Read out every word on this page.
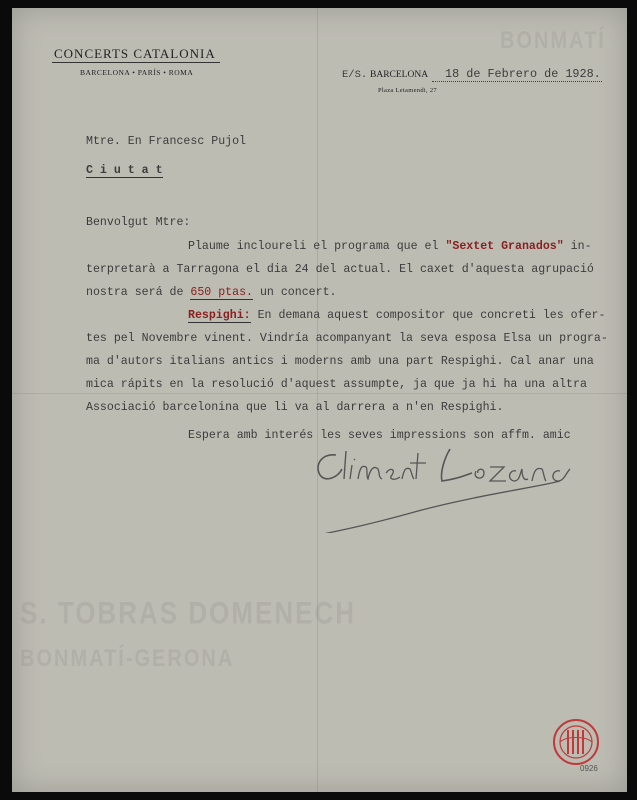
S. TOBRAS DOMENECH
BONMATÍ-GERONA
BONMATÍ
CONCERTS CATALONIA
BARCELONA • PARÍS • ROMA	E/S. BARCELONA 18 de Febrero de 1928.
Plaza Letamendi, 27
Mtre. En Francesc Pujol
C i u t a t
Benvolgut Mtre:
Plaume incloureli el programa que el "Sextet Granados" in-
terpretarà a Tarragona el dia 24 del actual. El caxet d'aquesta agrupació
nostra será de 650 ptas. un concert.
Respighi: En demana aquest compositor que concreti les ofer-
tes pel Novembre vinent. Vindría acompanyant la seva esposa Elsa un progra-
ma d'autors italians antics i moderns amb una part Respighi. Cal anar una
mica rápits en la resolució d'aquest assumpte, ja que ja hi ha una altra
Associació barcelonina que li va al darrera a n'en Respighi.
Espera amb interés les seves impressions son affm. amic
0926
